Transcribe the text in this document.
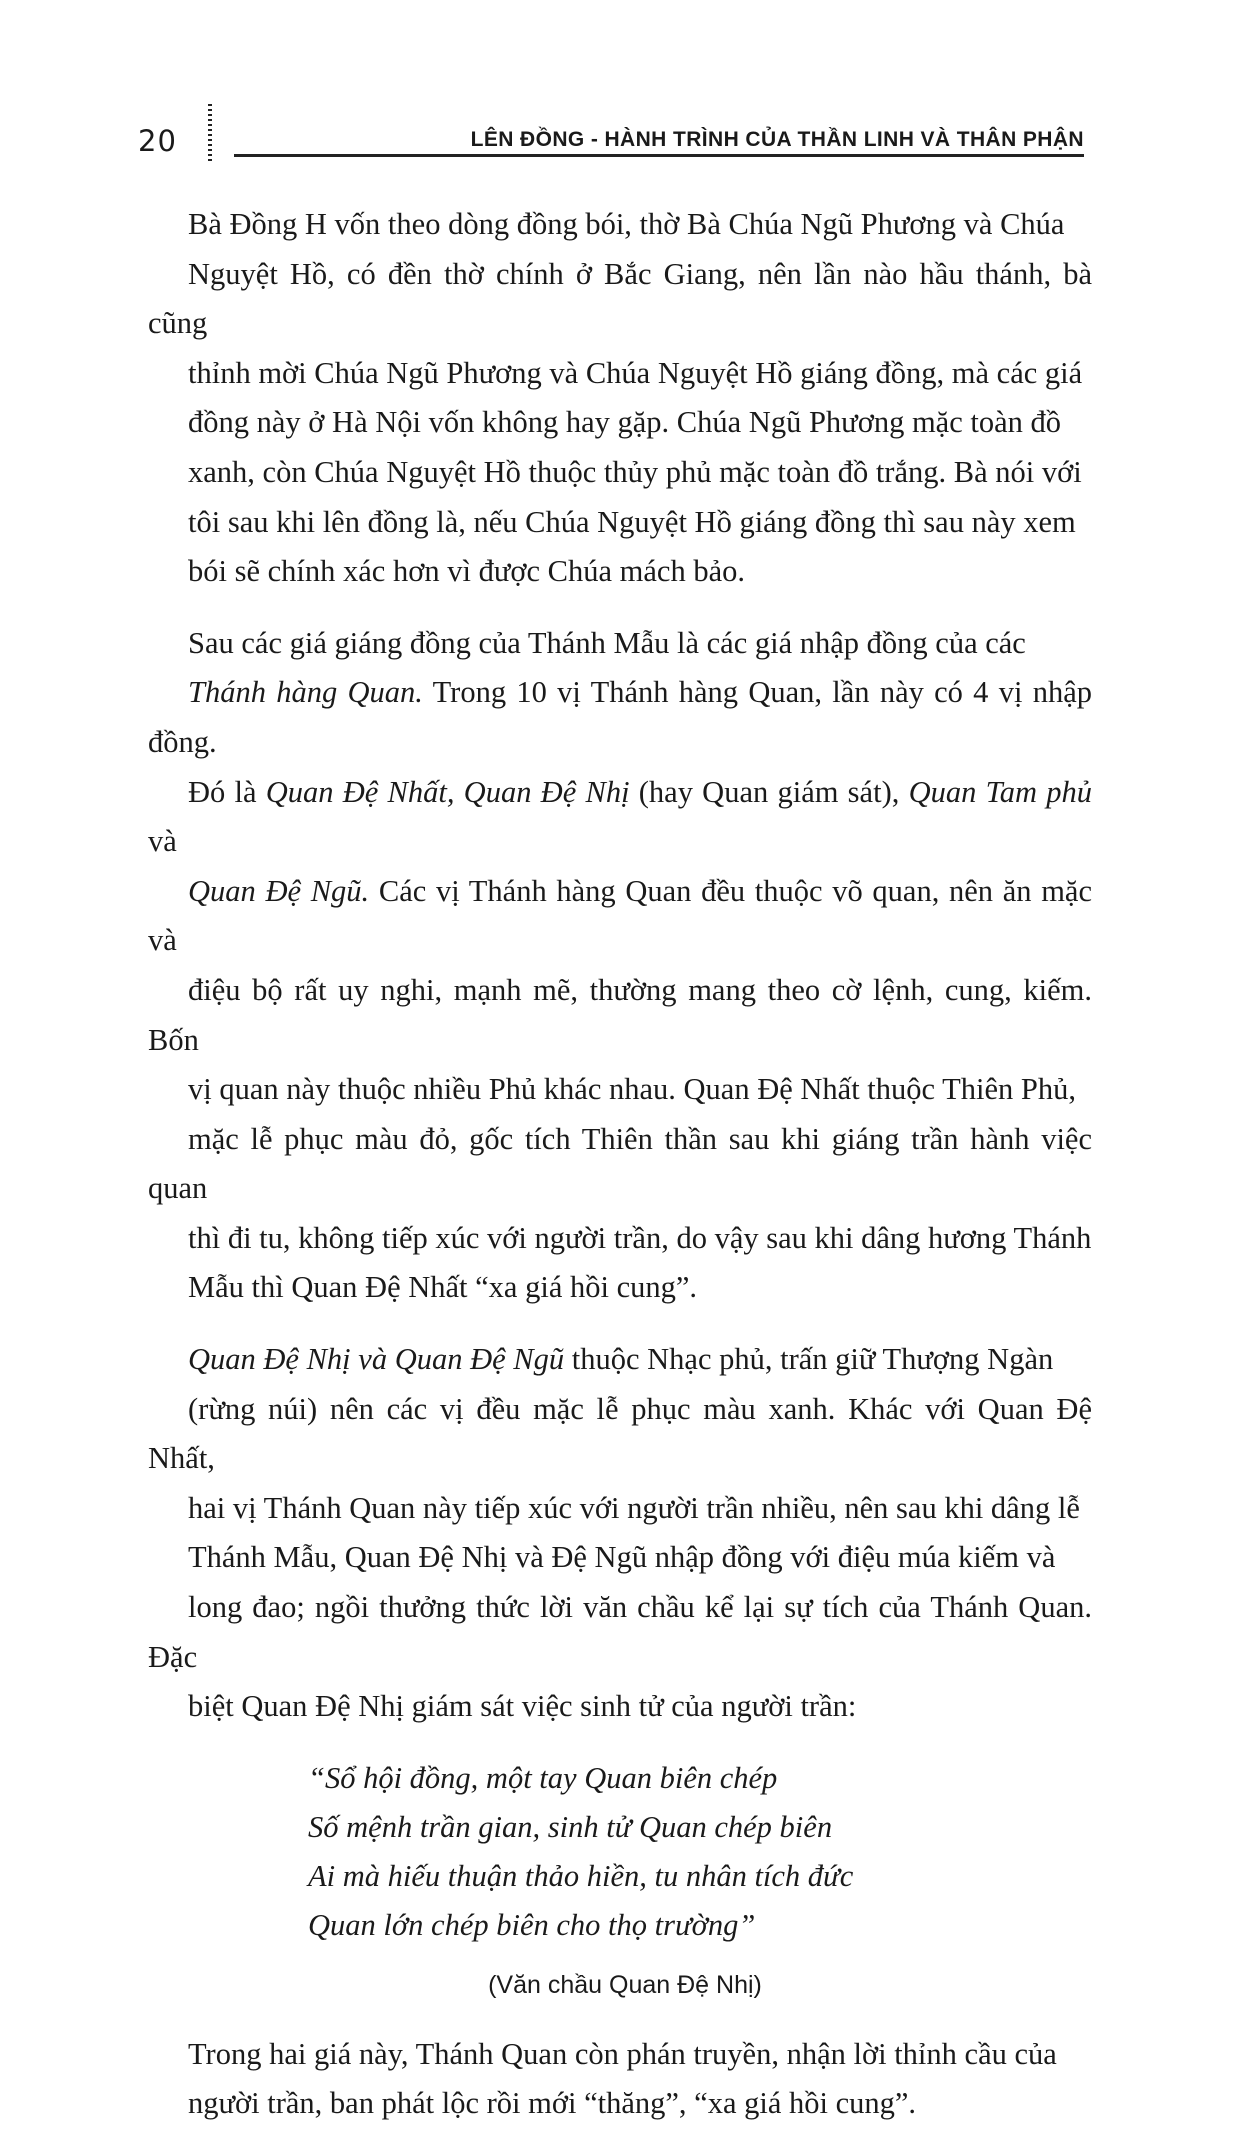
20	LÊN ĐỒNG - HÀNH TRÌNH CỦA THẦN LINH VÀ THÂN PHẬN

Bà Đồng H vốn theo dòng đồng bói, thờ Bà Chúa Ngũ Phương và Chúa
Nguyệt Hồ, có đền thờ chính ở Bắc Giang, nên lần nào hầu thánh, bà cũng
thỉnh mời Chúa Ngũ Phương và Chúa Nguyệt Hồ giáng đồng, mà các giá
đồng này ở Hà Nội vốn không hay gặp. Chúa Ngũ Phương mặc toàn đồ
xanh, còn Chúa Nguyệt Hồ thuộc thủy phủ mặc toàn đồ trắng. Bà nói với
tôi sau khi lên đồng là, nếu Chúa Nguyệt Hồ giáng đồng thì sau này xem
bói sẽ chính xác hơn vì được Chúa mách bảo.

Sau các giá giáng đồng của Thánh Mẫu là các giá nhập đồng của các
Thánh hàng Quan. Trong 10 vị Thánh hàng Quan, lần này có 4 vị nhập đồng.
Đó là Quan Đệ Nhất, Quan Đệ Nhị (hay Quan giám sát), Quan Tam phủ và
Quan Đệ Ngũ. Các vị Thánh hàng Quan đều thuộc võ quan, nên ăn mặc và
điệu bộ rất uy nghi, mạnh mẽ, thường mang theo cờ lệnh, cung, kiếm. Bốn
vị quan này thuộc nhiều Phủ khác nhau. Quan Đệ Nhất thuộc Thiên Phủ,
mặc lễ phục màu đỏ, gốc tích Thiên thần sau khi giáng trần hành việc quan
thì đi tu, không tiếp xúc với người trần, do vậy sau khi dâng hương Thánh
Mẫu thì Quan Đệ Nhất “xa giá hồi cung”.

Quan Đệ Nhị và Quan Đệ Ngũ thuộc Nhạc phủ, trấn giữ Thượng Ngàn
(rừng núi) nên các vị đều mặc lễ phục màu xanh. Khác với Quan Đệ Nhất,
hai vị Thánh Quan này tiếp xúc với người trần nhiều, nên sau khi dâng lễ
Thánh Mẫu, Quan Đệ Nhị và Đệ Ngũ nhập đồng với điệu múa kiếm và
long đao; ngồi thưởng thức lời văn chầu kể lại sự tích của Thánh Quan. Đặc
biệt Quan Đệ Nhị giám sát việc sinh tử của người trần:

“Sổ hội đồng, một tay Quan biên chép
Số mệnh trần gian, sinh tử Quan chép biên
Ai mà hiếu thuận thảo hiền, tu nhân tích đức
Quan lớn chép biên cho thọ trường”
(Văn chầu Quan Đệ Nhị)

Trong hai giá này, Thánh Quan còn phán truyền, nhận lời thỉnh cầu của
người trần, ban phát lộc rồi mới “thăng”, “xa giá hồi cung”.
